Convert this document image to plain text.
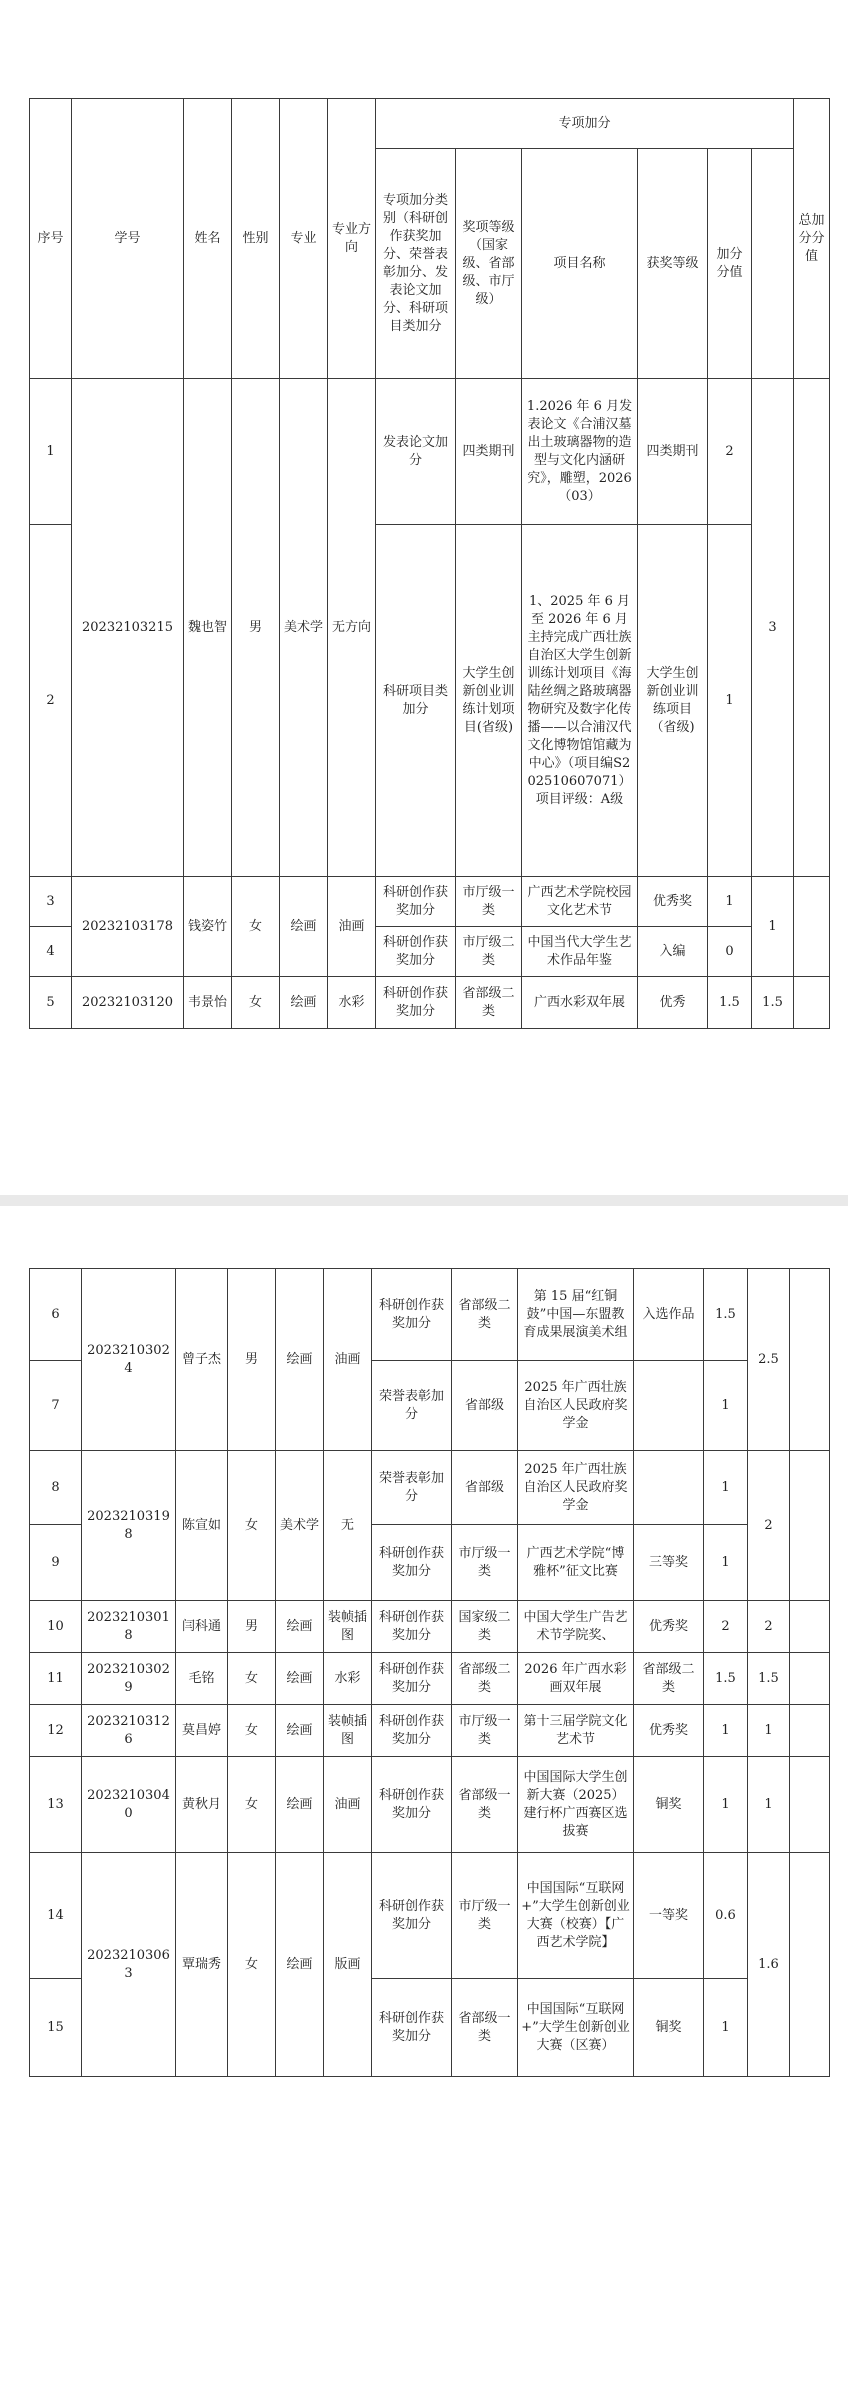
序号	学号	姓名	性别	专业	专业方向	专项加分						总加分分值	
						专项加分类别（科研创作获奖加分、荣誉表彰加分、发表论文加分、科研项目类加分	奖项等级（国家级、省部级、市厅级）	项目名称	获奖等级	加分分值			
1	20232103215	魏也智	男	美术学	无方向	发表论文加分	四类期刊	1.2026 年 6 月发表论文《合浦汉墓出土玻璃器物的造型与文化内涵研究》，雕塑，2026（03）	四类期刊	2	3		
2						科研项目类加分	大学生创新创业训练计划项目(省级)	1、2025 年 6 月至 2026 年 6 月主持完成广西壮族自治区大学生创新训练计划项目《海陆丝绸之路玻璃器物研究及数字化传播——以合浦汉代文化博物馆馆藏为中心》（项目编S202510607071）项目评级：A级	大学生创新创业训练项目（省级)	1			
3	20232103178	钱姿竹	女	绘画	油画	科研创作获奖加分	市厅级一类	广西艺术学院校园文化艺术节	优秀奖	1	1		
4						科研创作获奖加分	市厅级二类	中国当代大学生艺术作品年鉴	入编	0			
5	20232103120	韦景怡	女	绘画	水彩	科研创作获奖加分	省部级二类	广西水彩双年展	优秀	1.5	1.5		
6	20232103024	曾子杰	男	绘画	油画	科研创作获奖加分	省部级二类	第 15 届“红铜鼓”中国—东盟教育成果展演美术组	入选作品	1.5	2.5	
7						荣誉表彰加分	省部级	2025 年广西壮族自治区人民政府奖学金		1		
8	20232103198	陈宣如	女	美术学	无	荣誉表彰加分	省部级	2025 年广西壮族自治区人民政府奖学金		1	2	
9						科研创作获奖加分	市厅级一类	广西艺术学院“博雅杯”征文比赛	三等奖	1		
10	20232103018	闫科通	男	绘画	装帧插图	科研创作获奖加分	国家级二类	中国大学生广告艺术节学院奖、	优秀奖	2	2	
11	20232103029	毛铭	女	绘画	水彩	科研创作获奖加分	省部级二类	2026 年广西水彩画双年展	省部级二类	1.5	1.5	
12	20232103126	莫昌婷	女	绘画	装帧插图	科研创作获奖加分	市厅级一类	第十三届学院文化艺术节	优秀奖	1	1	
13	20232103040	黄秋月	女	绘画	油画	科研创作获奖加分	省部级一类	中国国际大学生创新大赛（2025）建行杯广西赛区选拔赛	铜奖	1	1	
14	20232103063	覃瑞秀	女	绘画	版画	科研创作获奖加分	市厅级一类	中国国际“互联网+”大学生创新创业大赛（校赛）【广西艺术学院】	一等奖	0.6	1.6	
15						科研创作获奖加分	省部级一类	中国国际“互联网+”大学生创新创业大赛（区赛）	铜奖	1		
